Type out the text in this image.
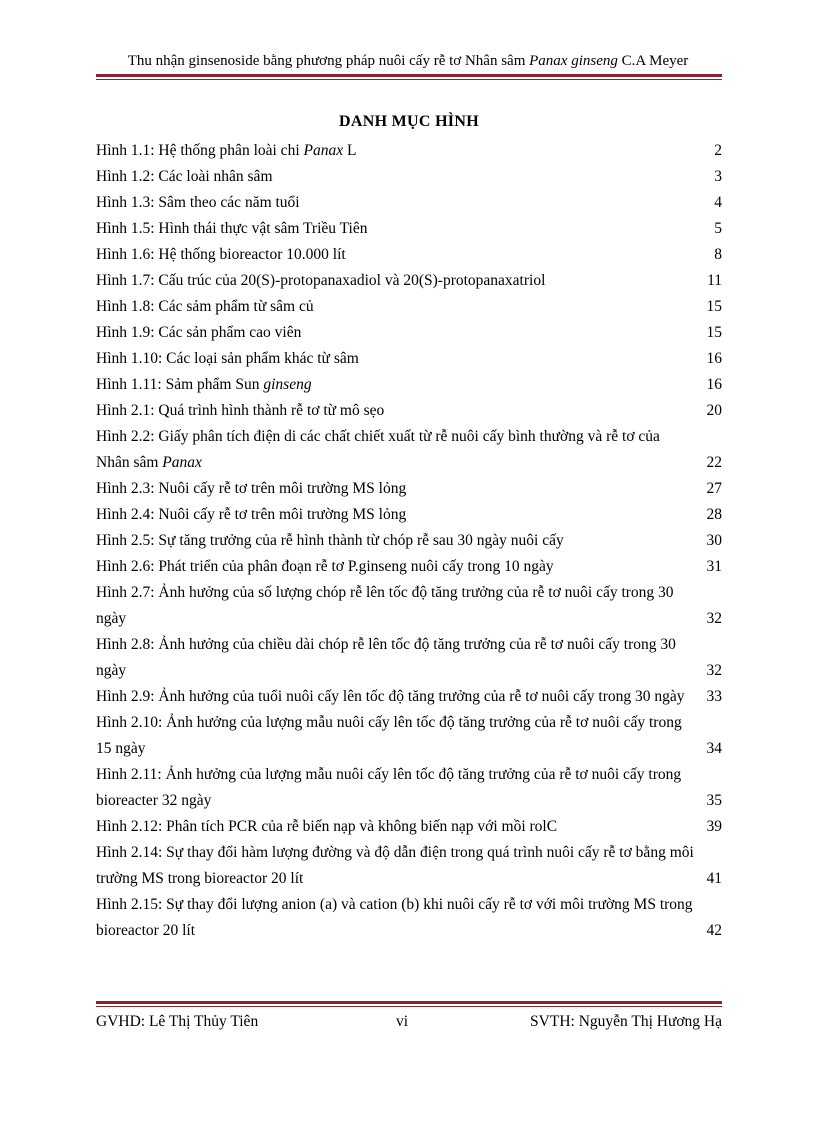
Thu nhận ginsenoside bằng phương pháp nuôi cấy rễ tơ Nhân sâm Panax ginseng C.A Meyer
DANH MỤC HÌNH
Hình 1.1: Hệ thống phân loài chi Panax L	2
Hình 1.2: Các loài nhân sâm	3
Hình 1.3: Sâm theo các năm tuổi	4
Hình 1.5: Hình thái thực vật sâm Triều Tiên	5
Hình 1.6: Hệ thống bioreactor 10.000 lít	8
Hình 1.7: Cấu trúc của 20(S)-protopanaxadiol và 20(S)-protopanaxatriol	11
Hình 1.8: Các sảm phẩm từ sâm củ	15
Hình 1.9: Các sản phẩm cao viên	15
Hình 1.10: Các loại sản phẩm khác từ sâm	16
Hình 1.11: Sảm phẩm Sun ginseng	16
Hình 2.1: Quá trình hình thành rễ tơ từ mô sẹo	20
Hình 2.2: Giấy phân tích điện di các chất chiết xuất từ rễ nuôi cấy bình thường và rễ tơ của Nhân sâm Panax	22
Hình 2.3: Nuôi cấy rễ tơ trên môi trường MS lỏng	27
Hình 2.4: Nuôi cấy rễ tơ trên môi trường MS lỏng	28
Hình 2.5: Sự tăng trưởng của rễ hình thành từ chóp rễ sau 30 ngày nuôi cấy	30
Hình 2.6: Phát triển của phân đoạn rễ tơ P.ginseng nuôi cấy trong 10 ngày	31
Hình 2.7: Ảnh hưởng của số lượng chóp rễ lên tốc độ tăng trưởng của rễ tơ nuôi cấy trong 30 ngày	32
Hình 2.8: Ảnh hưởng của chiều dài chóp rễ lên tốc độ tăng trưởng của rễ tơ nuôi cấy trong 30 ngày	32
Hình 2.9: Ảnh hưởng của tuổi nuôi cấy lên tốc độ tăng trưởng của rễ tơ nuôi cấy trong 30 ngày	33
Hình 2.10: Ảnh hưởng của lượng mẫu nuôi cấy lên tốc độ tăng trưởng của rễ tơ nuôi cấy trong 15 ngày	34
Hình 2.11: Ảnh hưởng của lượng mẫu nuôi cấy lên tốc độ tăng trưởng của rễ tơ nuôi cấy trong bioreacter 32 ngày	35
Hình 2.12: Phân tích PCR của rễ biến nạp và không biến nạp với mồi rolC	39
Hình 2.14: Sự thay đổi hàm lượng đường và độ dẫn điện trong quá trình nuôi cấy rễ tơ bằng môi trường MS trong bioreactor 20 lít	41
Hình 2.15: Sự thay đổi lượng anion (a) và cation (b) khi nuôi cấy rễ tơ với môi trường MS trong bioreactor 20 lít	42
GVHD: Lê Thị Thủy Tiên	vi	SVTH: Nguyễn Thị Hương Hạ
